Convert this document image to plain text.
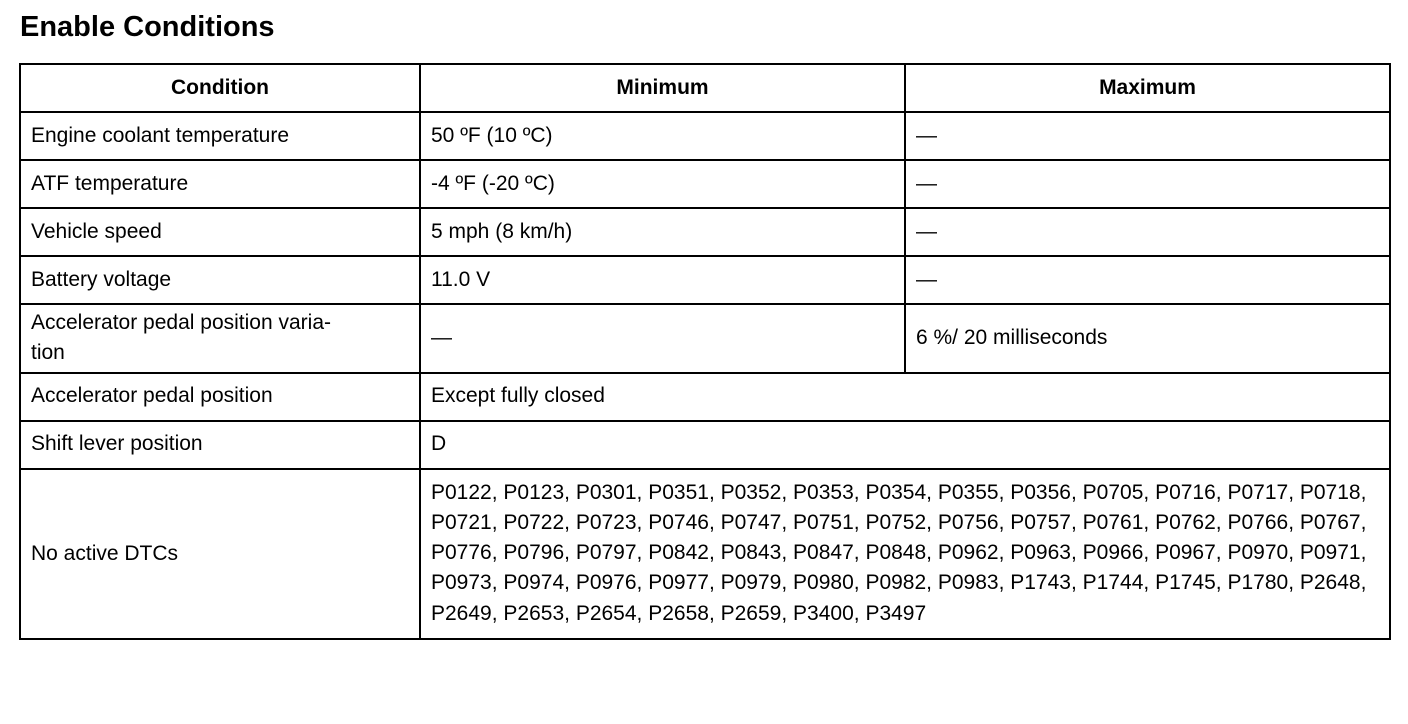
Enable Conditions
Condition	Minimum	Maximum
Engine coolant temperature	50 ºF (10 ºC)	—
ATF temperature	-4 ºF (-20 ºC)	—
Vehicle speed	5 mph (8 km/h)	—
Battery voltage	11.0 V	—
Accelerator pedal position varia-
tion	—	6 %/ 20 milliseconds
Accelerator pedal position	Except fully closed	
Shift lever position	D	
No active DTCs	P0122, P0123, P0301, P0351, P0352, P0353, P0354, P0355, P0356, P0705, P0716, P0717, P0718, P0721, P0722, P0723, P0746, P0747, P0751, P0752, P0756, P0757, P0761, P0762, P0766, P0767, P0776, P0796, P0797, P0842, P0843, P0847, P0848, P0962, P0963, P0966, P0967, P0970, P0971, P0973, P0974, P0976, P0977, P0979, P0980, P0982, P0983, P1743, P1744, P1745, P1780, P2648, P2649, P2653, P2654, P2658, P2659, P3400, P3497	
